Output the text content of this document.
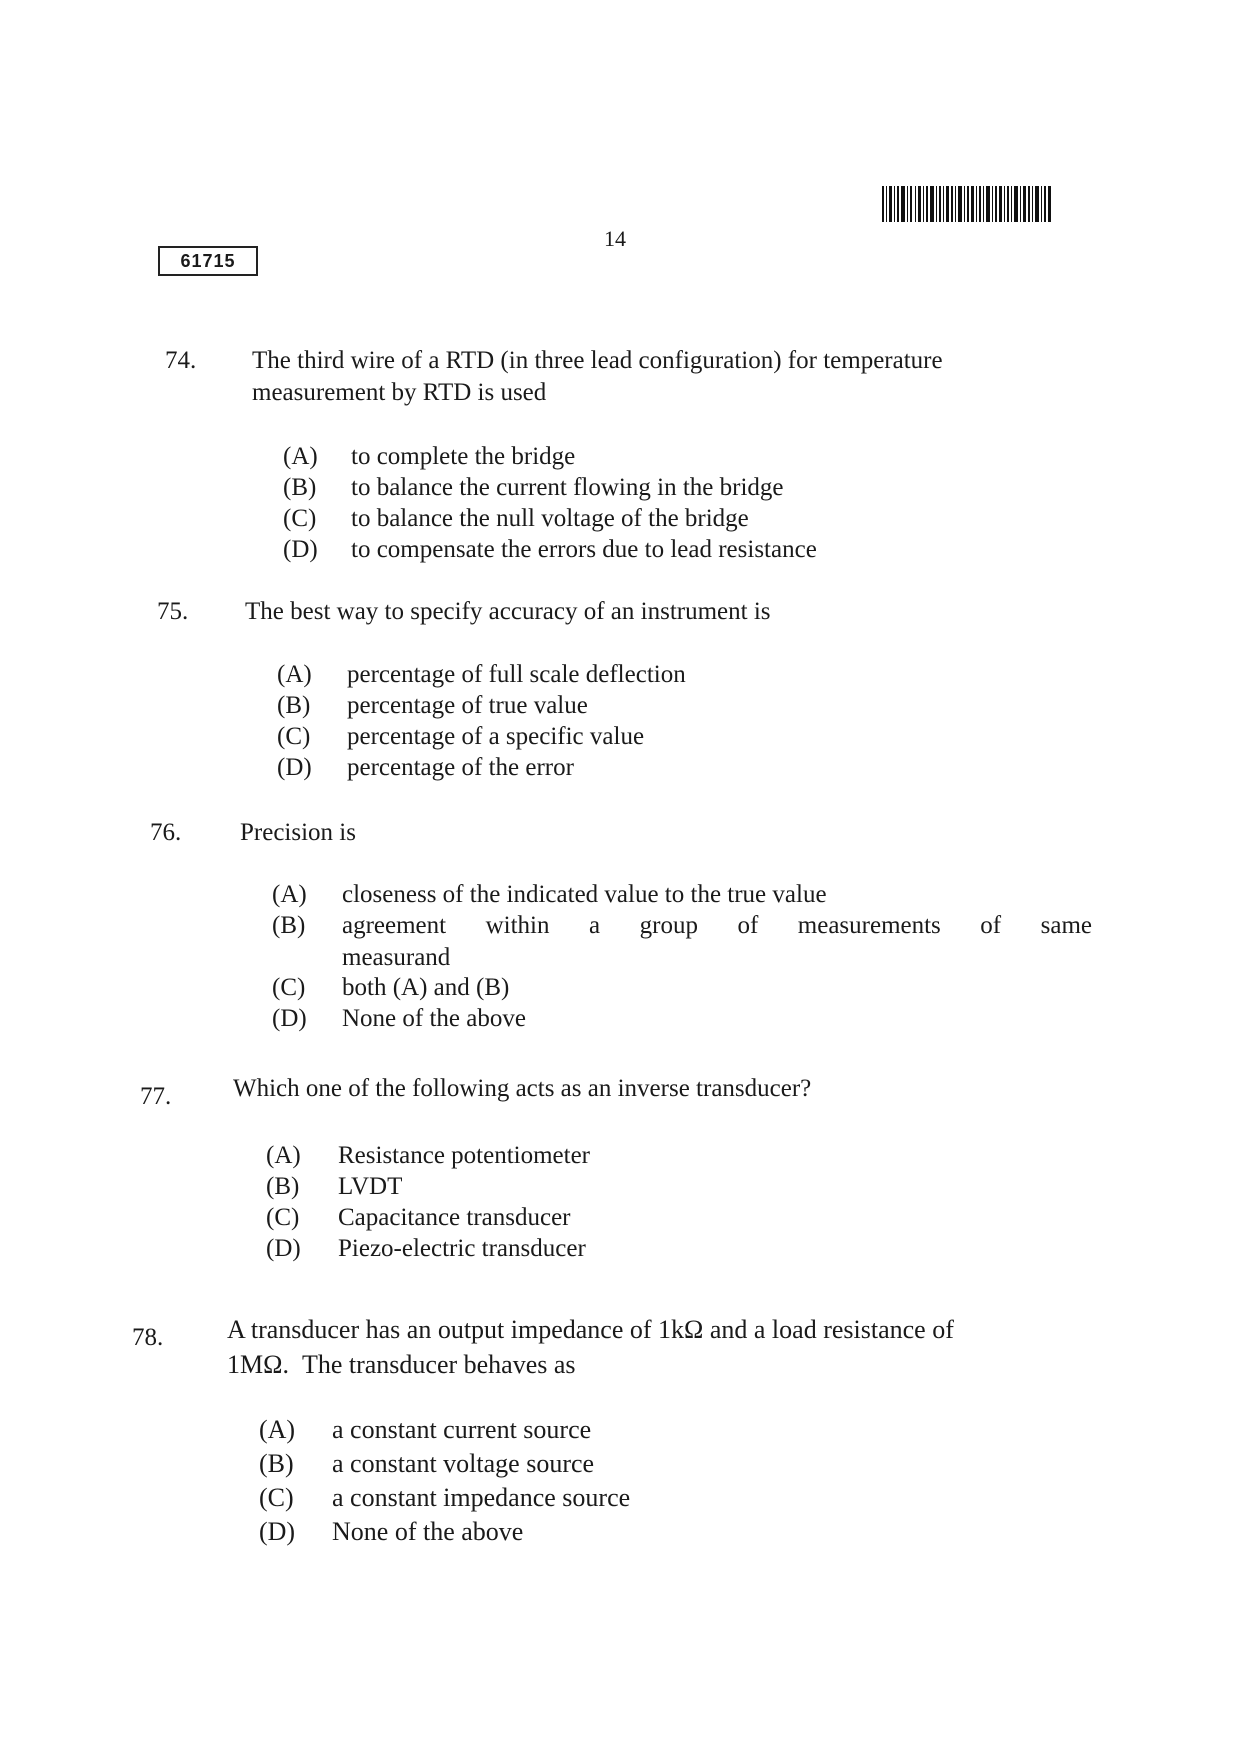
61715
14
74. The third wire of a RTD (in three lead configuration) for temperature
measurement by RTD is used
(A) to complete the bridge
(B) to balance the current flowing in the bridge
(C) to balance the null voltage of the bridge
(D) to compensate the errors due to lead resistance
75. The best way to specify accuracy of an instrument is
(A) percentage of full scale deflection
(B) percentage of true value
(C) percentage of a specific value
(D) percentage of the error
76. Precision is
(A) closeness of the indicated value to the true value
(B) agreement within a group of measurements of same
measurand
(C) both (A) and (B)
(D) None of the above
77. Which one of the following acts as an inverse transducer?
(A) Resistance potentiometer
(B) LVDT
(C) Capacitance transducer
(D) Piezo-electric transducer
78. A transducer has an output impedance of 1kΩ and a load resistance of
1MΩ.  The transducer behaves as
(A) a constant current source
(B) a constant voltage source
(C) a constant impedance source
(D) None of the above
